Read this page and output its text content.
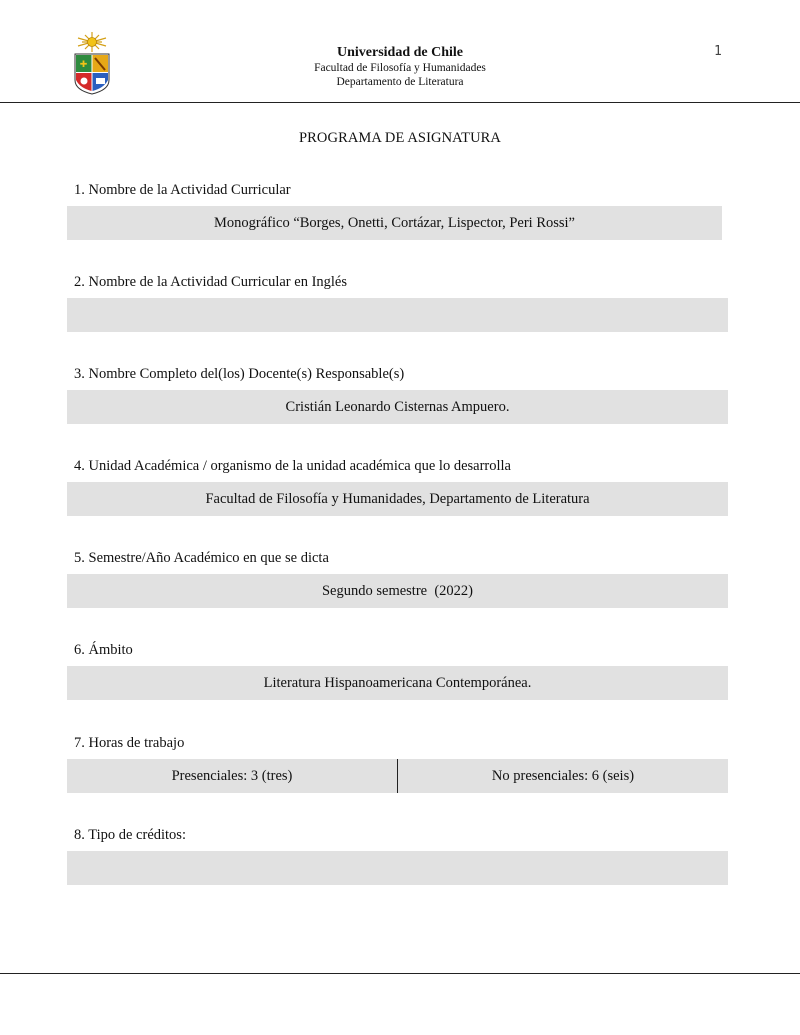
✚
Universidad de Chile
Facultad de Filosofía y Humanidades
Departamento de Literatura
1
PROGRAMA DE ASIGNATURA
1. Nombre de la Actividad Curricular
Monográfico “Borges, Onetti, Cortázar, Lispector, Peri Rossi”
2. Nombre de la Actividad Curricular en Inglés
3. Nombre Completo del(los) Docente(s) Responsable(s)
Cristián Leonardo Cisternas Ampuero.
4. Unidad Académica / organismo de la unidad académica que lo desarrolla
Facultad de Filosofía y Humanidades, Departamento de Literatura
5. Semestre/Año Académico en que se dicta
Segundo semestre  (2022)
6. Ámbito
Literatura Hispanoamericana Contemporánea.
7. Horas de trabajo
Presenciales: 3 (tres)	No presenciales: 6 (seis)
8. Tipo de créditos:
